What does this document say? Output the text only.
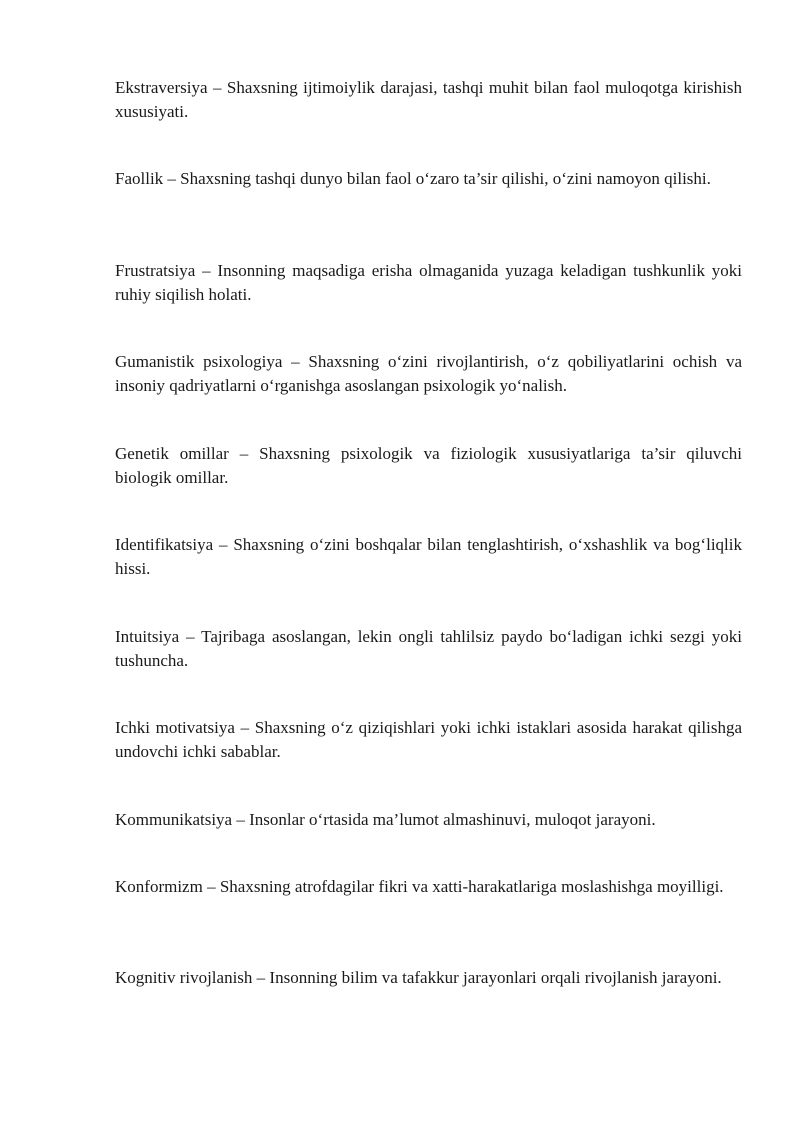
Ekstraversiya – Shaxsning ijtimoiylik darajasi, tashqi muhit bilan faol muloqotga kirishish xususiyati.

Faollik – Shaxsning tashqi dunyo bilan faol o‘zaro ta’sir qilishi, o‘zini namoyon qilishi.

Frustratsiya – Insonning maqsadiga erisha olmaganida yuzaga keladigan tushkunlik yoki ruhiy siqilish holati.

Gumanistik psixologiya – Shaxsning o‘zini rivojlantirish, o‘z qobiliyatlarini ochish va insoniy qadriyatlarni o‘rganishga asoslangan psixologik yo‘nalish.

Genetik omillar – Shaxsning psixologik va fiziologik xususiyatlariga ta’sir qiluvchi biologik omillar.

Identifikatsiya – Shaxsning o‘zini boshqalar bilan tenglashtirish, o‘xshashlik va bog‘liqlik hissi.

Intuitsiya – Tajribaga asoslangan, lekin ongli tahlilsiz paydo bo‘ladigan ichki sezgi yoki tushuncha.

Ichki motivatsiya – Shaxsning o‘z qiziqishlari yoki ichki istaklari asosida harakat qilishga undovchi ichki sabablar.

Kommunikatsiya – Insonlar o‘rtasida ma’lumot almashinuvi, muloqot jarayoni.

Konformizm – Shaxsning atrofdagilar fikri va xatti-harakatlariga moslashishga moyilligi.

Kognitiv rivojlanish – Insonning bilim va tafakkur jarayonlari orqali rivojlanish jarayoni.
